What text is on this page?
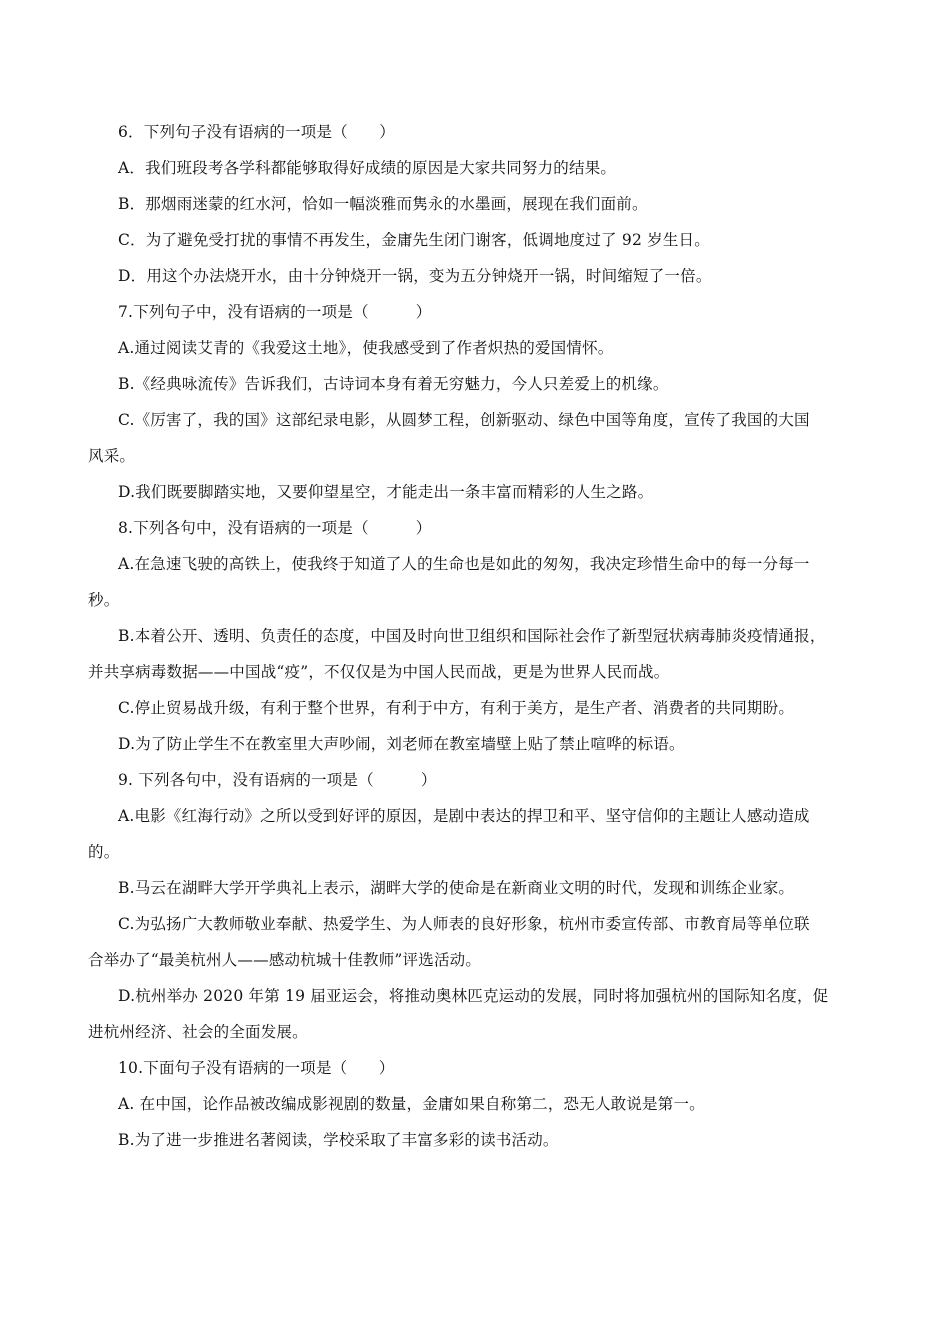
6．下列句子没有语病的一项是（　　）
A．我们班段考各学科都能够取得好成绩的原因是大家共同努力的结果。
B．那烟雨迷蒙的红水河，恰如一幅淡雅而隽永的水墨画，展现在我们面前。
C．为了避免受打扰的事情不再发生，金庸先生闭门谢客，低调地度过了 92 岁生日。
D．用这个办法烧开水，由十分钟烧开一锅，变为五分钟烧开一锅，时间缩短了一倍。
7.下列句子中，没有语病的一项是（　　　）
A.通过阅读艾青的《我爱这土地》，使我感受到了作者炽热的爱国情怀。
B.《经典咏流传》告诉我们，古诗词本身有着无穷魅力，今人只差爱上的机缘。
C.《厉害了，我的国》这部纪录电影，从圆梦工程，创新驱动、绿色中国等角度，宣传了我国的大国
风采。
D.我们既要脚踏实地，又要仰望星空，才能走出一条丰富而精彩的人生之路。
8.下列各句中，没有语病的一项是（　　　）
A.在急速飞驶的高铁上，使我终于知道了人的生命也是如此的匆匆，我决定珍惜生命中的每一分每一
秒。
B.本着公开、透明、负责任的态度，中国及时向世卫组织和国际社会作了新型冠状病毒肺炎疫情通报，
并共享病毒数据——中国战“疫”，不仅仅是为中国人民而战，更是为世界人民而战。
C.停止贸易战升级，有利于整个世界，有利于中方，有利于美方，是生产者、消费者的共同期盼。
D.为了防止学生不在教室里大声吵闹，刘老师在教室墙壁上贴了禁止喧哗的标语。
9. 下列各句中，没有语病的一项是（　　　）
A.电影《红海行动》之所以受到好评的原因，是剧中表达的捍卫和平、坚守信仰的主题让人感动造成
的。
B.马云在湖畔大学开学典礼上表示，湖畔大学的使命是在新商业文明的时代，发现和训练企业家。
C.为弘扬广大教师敬业奉献、热爱学生、为人师表的良好形象，杭州市委宣传部、市教育局等单位联
合举办了“最美杭州人——感动杭城十佳教师”评选活动。
D.杭州举办 2020 年第 19 届亚运会，将推动奥林匹克运动的发展，同时将加强杭州的国际知名度，促
进杭州经济、社会的全面发展。
10.下面句子没有语病的一项是（　　）
A. 在中国，论作品被改编成影视剧的数量，金庸如果自称第二，恐无人敢说是第一。
B.为了进一步推进名著阅读，学校采取了丰富多彩的读书活动。
